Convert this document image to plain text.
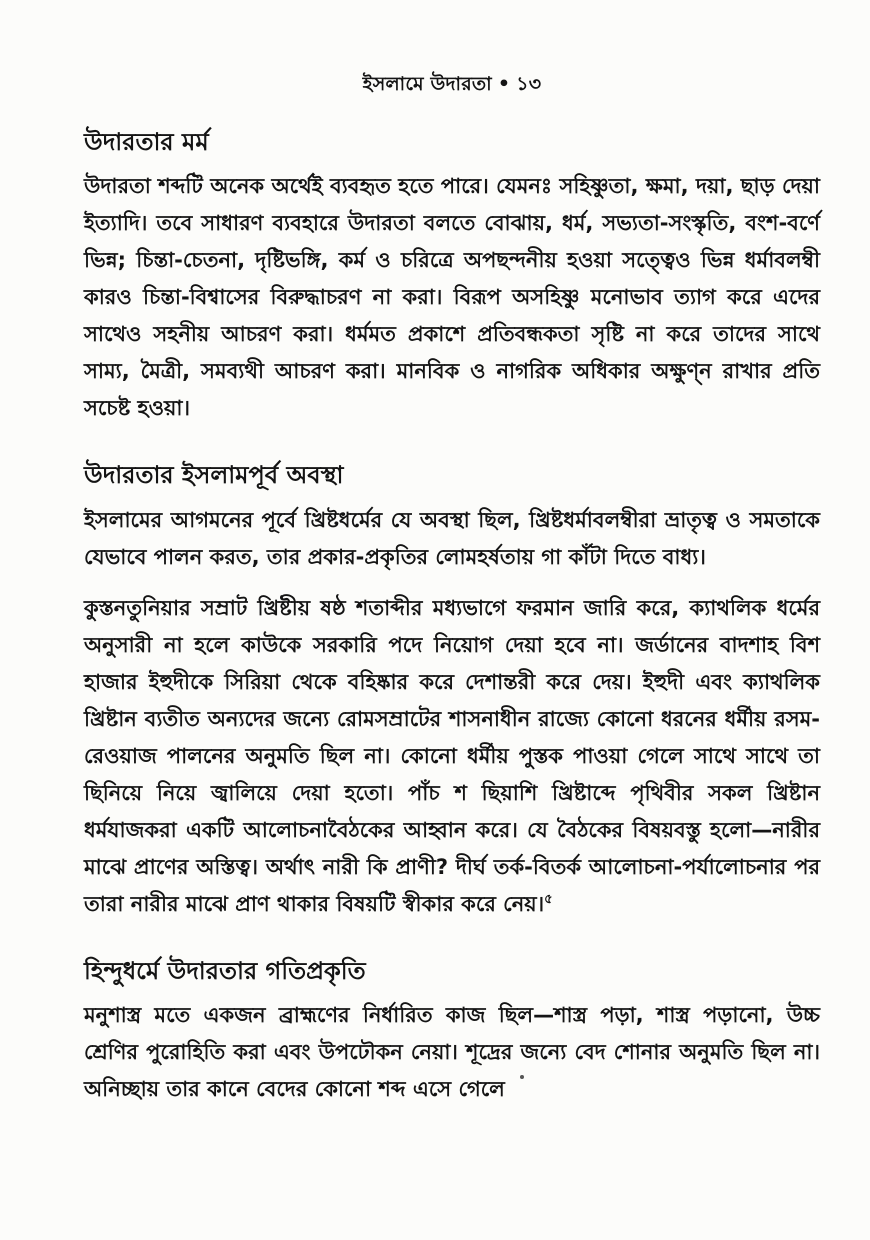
ইসলামে উদারতা • ১৩
উদারতার মর্ম

উদারতা শব্দটি অনেক অর্থেই ব্যবহৃত হতে পারে। যেমনঃ সহিষ্ণুতা, ক্ষমা, দয়া, ছাড় দেয়া ইত্যাদি। তবে সাধারণ ব্যবহারে উদারতা বলতে বোঝায়, ধর্ম, সভ্যতা-সংস্কৃতি, বংশ-বর্ণে ভিন্ন; চিন্তা-চেতনা, দৃষ্টিভঙ্গি, কর্ম ও চরিত্রে অপছন্দনীয় হওয়া সত্ত্বেও ভিন্ন ধর্মাবলম্বী কারও চিন্তা-বিশ্বাসের বিরুদ্ধাচরণ না করা। বিরূপ অসহিষ্ণু মনোভাব ত্যাগ করে এদের সাথেও সহনীয় আচরণ করা। ধর্মমত প্রকাশে প্রতিবন্ধকতা সৃষ্টি না করে তাদের সাথে সাম্য, মৈত্রী, সমব্যথী আচরণ করা। মানবিক ও নাগরিক অধিকার অক্ষুণ্ন রাখার প্রতি সচেষ্ট হওয়া।

উদারতার ইসলামপূর্ব অবস্থা

ইসলামের আগমনের পূর্বে খ্রিষ্টধর্মের যে অবস্থা ছিল, খ্রিষ্টধর্মাবলম্বীরা ভ্রাতৃত্ব ও সমতাকে যেভাবে পালন করত, তার প্রকার-প্রকৃতির লোমহর্ষতায় গা কাঁটা দিতে বাধ্য।

কুস্তনতুনিয়ার সম্রাট খ্রিষ্টীয় ষষ্ঠ শতাব্দীর মধ্যভাগে ফরমান জারি করে, ক্যাথলিক ধর্মের অনুসারী না হলে কাউকে সরকারি পদে নিয়োগ দেয়া হবে না। জর্ডানের বাদশাহ বিশ হাজার ইহুদীকে সিরিয়া থেকে বহিষ্কার করে দেশান্তরী করে দেয়। ইহুদী এবং ক্যাথলিক খ্রিষ্টান ব্যতীত অন্যদের জন্যে রোমসম্রাটের শাসনাধীন রাজ্যে কোনো ধরনের ধর্মীয় রসম-রেওয়াজ পালনের অনুমতি ছিল না। কোনো ধর্মীয় পুস্তক পাওয়া গেলে সাথে সাথে তা ছিনিয়ে নিয়ে জ্বালিয়ে দেয়া হতো। পাঁচ শ ছিয়াশি খ্রিষ্টাব্দে পৃথিবীর সকল খ্রিষ্টান ধর্মযাজকরা একটি আলোচনাবৈঠকের আহ্বান করে। যে বৈঠকের বিষয়বস্তু হলো—নারীর মাঝে প্রাণের অস্তিত্ব। অর্থাৎ নারী কি প্রাণী? দীর্ঘ তর্ক-বিতর্ক আলোচনা-পর্যালোচনার পর তারা নারীর মাঝে প্রাণ থাকার বিষয়টি স্বীকার করে নেয়।$^৫$

হিন্দুধর্মে উদারতার গতিপ্রকৃতি

মনুশাস্ত্র মতে একজন ব্রাহ্মণের নির্ধারিত কাজ ছিল—শাস্ত্র পড়া, শাস্ত্র পড়ানো, উচ্চ শ্রেণির পুরোহিতি করা এবং উপঢৌকন নেয়া। শূদ্রের জন্যে বেদ শোনার অনুমতি ছিল না। অনিচ্ছায় তার কানে বেদের কোনো শব্দ এসে গেলে
